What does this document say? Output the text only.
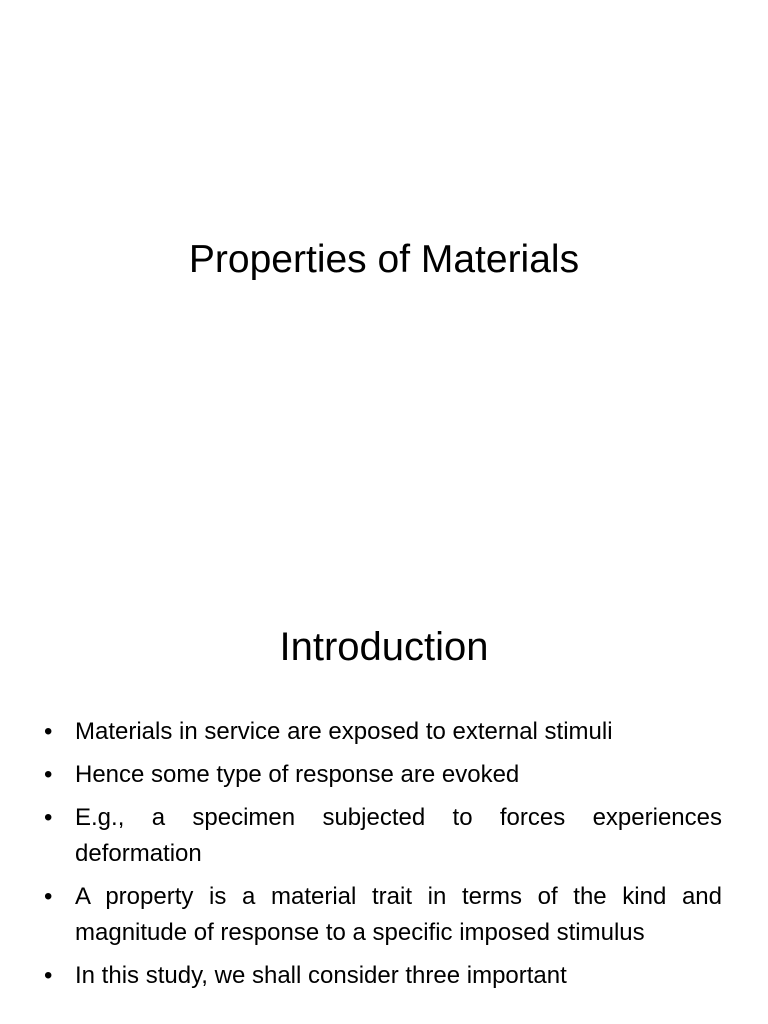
Properties of Materials
Introduction
• Materials in service are exposed to external stimuli
• Hence some type of response are evoked
• E.g., a specimen subjected to forces experiences deformation
• A property is a material trait in terms of the kind and magnitude of response to a specific imposed stimulus
• In this study, we shall consider three important
